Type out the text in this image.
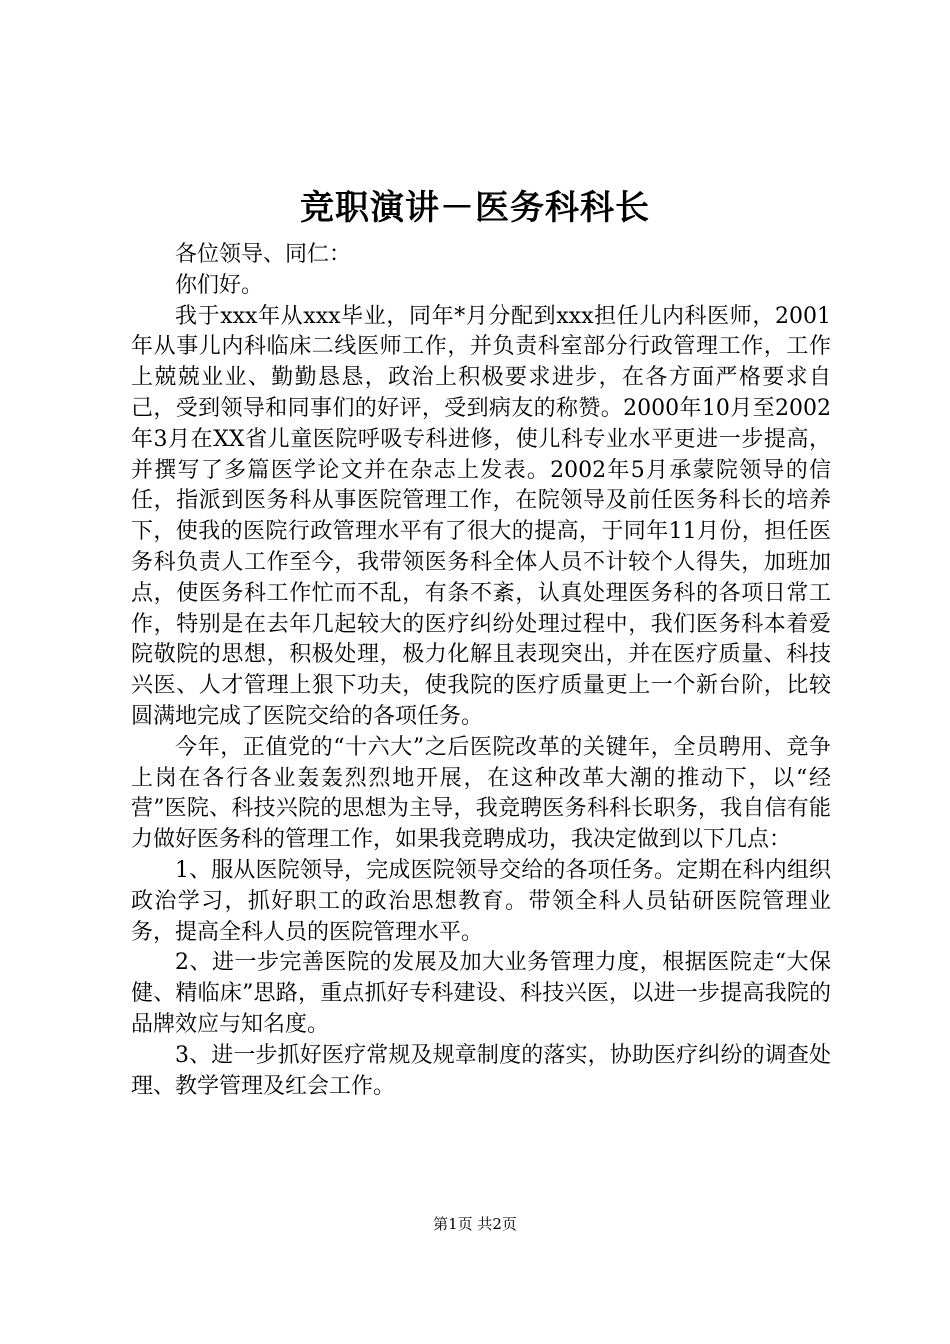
竞职演讲－医务科科长

各位领导、同仁：

你们好。

我于xxx年从xxx毕业，同年*月分配到xxx担任儿内科医师，2001年从事儿内科临床二线医师工作，并负责科室部分行政管理工作，工作上兢兢业业、勤勤恳恳，政治上积极要求进步，在各方面严格要求自己，受到领导和同事们的好评，受到病友的称赞。2000年10月至2002年3月在XX省儿童医院呼吸专科进修，使儿科专业水平更进一步提高，并撰写了多篇医学论文并在杂志上发表。2002年5月承蒙院领导的信任，指派到医务科从事医院管理工作，在院领导及前任医务科长的培养下，使我的医院行政管理水平有了很大的提高，于同年11月份，担任医务科负责人工作至今，我带领医务科全体人员不计较个人得失，加班加点，使医务科工作忙而不乱，有条不紊，认真处理医务科的各项日常工作，特别是在去年几起较大的医疗纠纷处理过程中，我们医务科本着爱院敬院的思想，积极处理，极力化解且表现突出，并在医疗质量、科技兴医、人才管理上狠下功夫，使我院的医疗质量更上一个新台阶，比较圆满地完成了医院交给的各项任务。

今年，正值党的“十六大”之后医院改革的关键年，全员聘用、竞争上岗在各行各业轰轰烈烈地开展，在这种改革大潮的推动下，以“经营”医院、科技兴院的思想为主导，我竞聘医务科科长职务，我自信有能力做好医务科的管理工作，如果我竞聘成功，我决定做到以下几点：

1、服从医院领导，完成医院领导交给的各项任务。定期在科内组织政治学习，抓好职工的政治思想教育。带领全科人员钻研医院管理业务，提高全科人员的医院管理水平。

2、进一步完善医院的发展及加大业务管理力度，根据医院走“大保健、精临床”思路，重点抓好专科建设、科技兴医，以进一步提高我院的品牌效应与知名度。

3、进一步抓好医疗常规及规章制度的落实，协助医疗纠纷的调查处理、教学管理及红会工作。

第1页 共2页
